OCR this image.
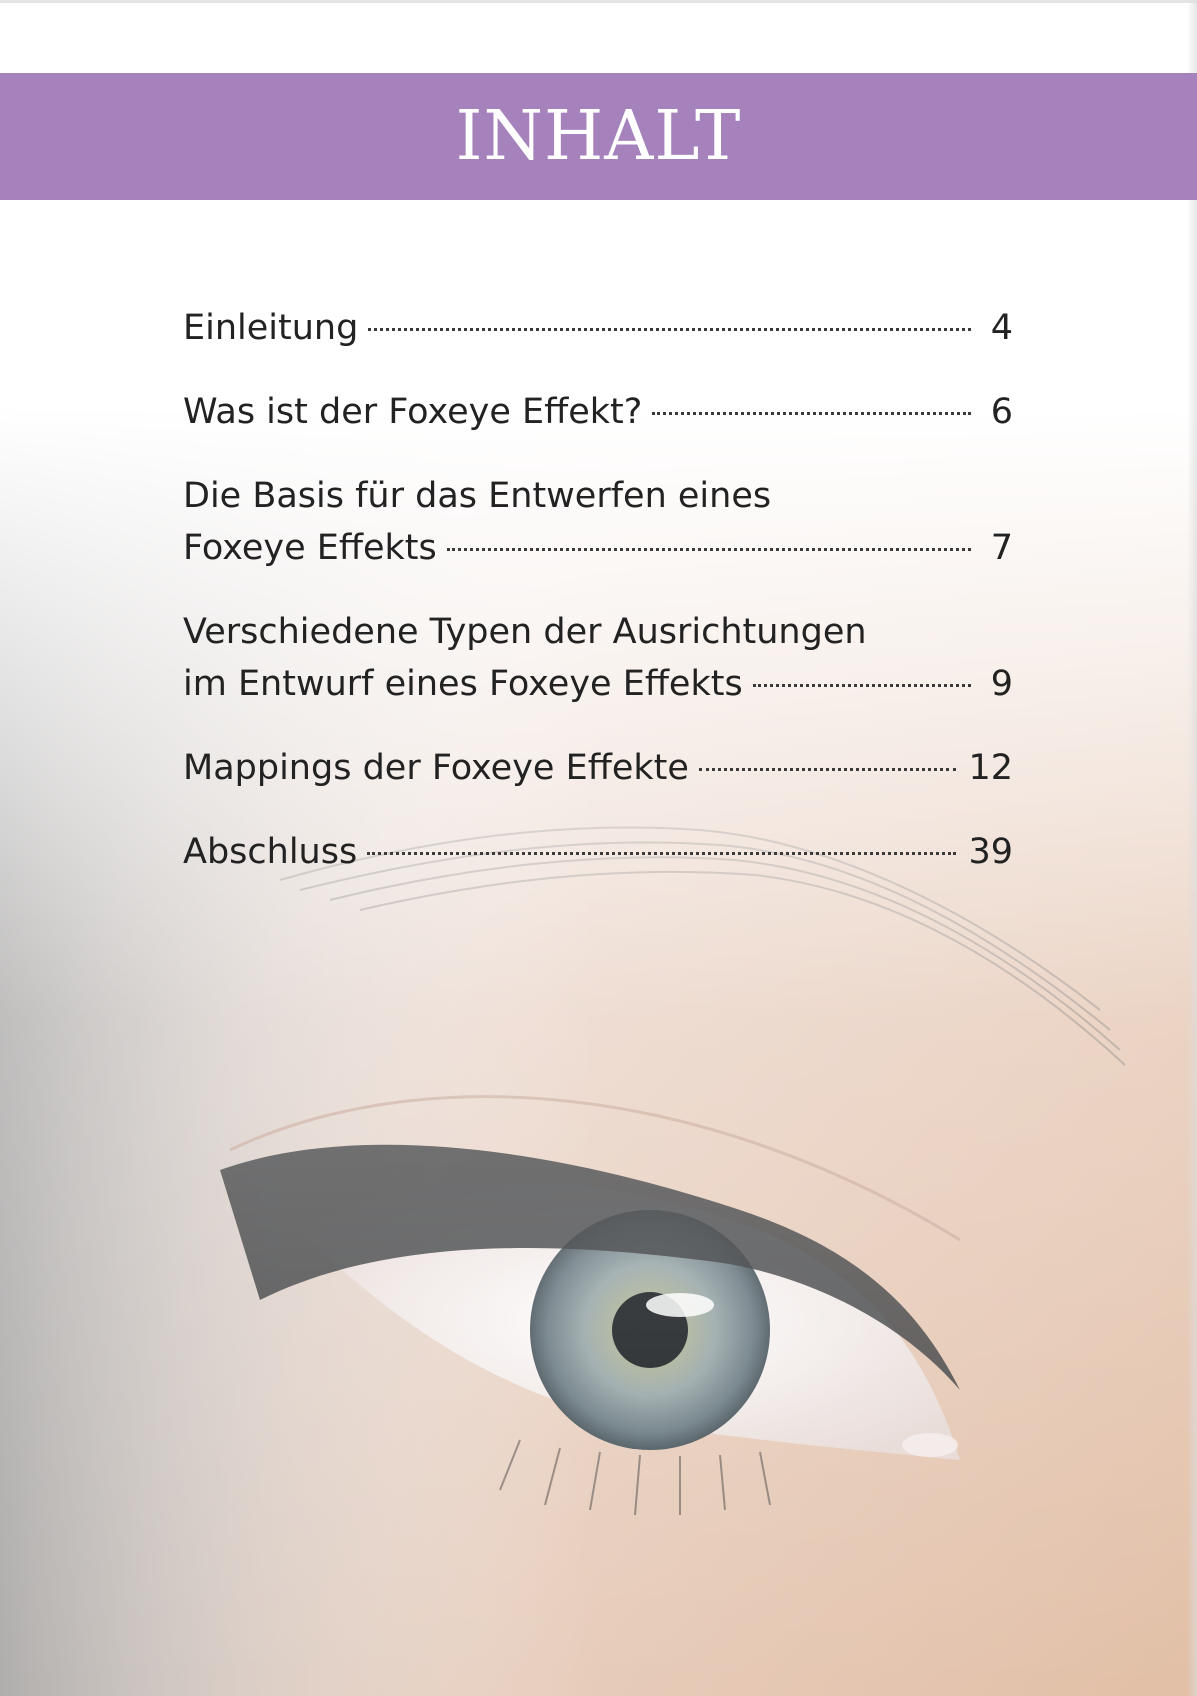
INHALT
Einleitung	4
Was ist der Foxeye Effekt?	6
Die Basis für das Entwerfen eines
Foxeye Effekts	7
Verschiedene Typen der Ausrichtungen
im Entwurf eines Foxeye Effekts	9
Mappings der Foxeye Effekte	12
Abschluss	39
